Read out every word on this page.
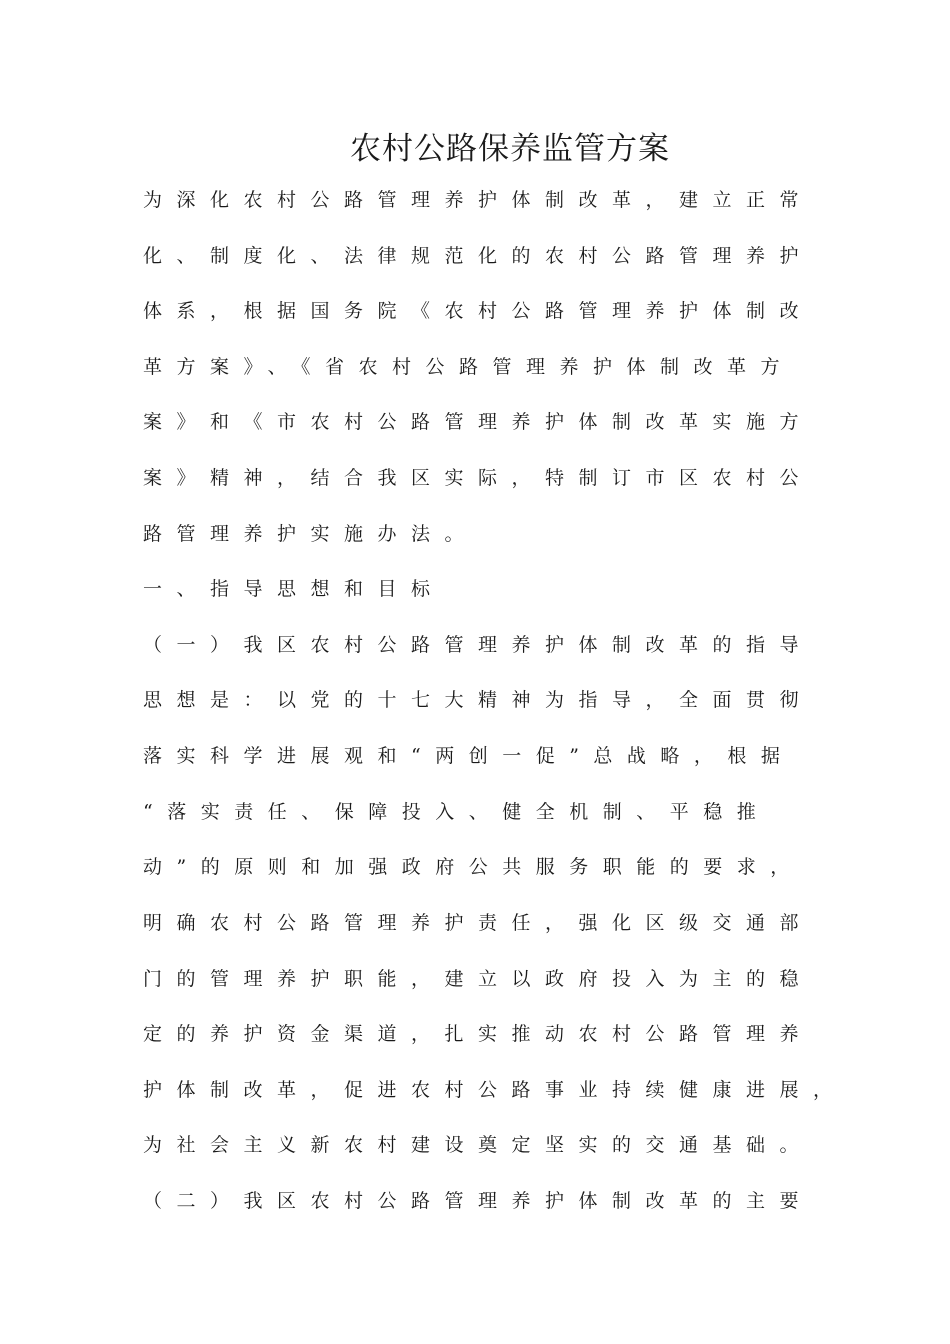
农村公路保养监管方案

为深化农村公路管理养护体制改革，建立正常

化、制度化、法律规范化的农村公路管理养护

体系，根据国务院《农村公路管理养护体制改

革方案》、《省农村公路管理养护体制改革方

案》和《市农村公路管理养护体制改革实施方

案》精神，结合我区实际，特制订市区农村公

路管理养护实施办法。

一、指导思想和目标

（一）我区农村公路管理养护体制改革的指导

思想是：以党的十七大精神为指导，全面贯彻

落实科学进展观和“两创一促”总战略，根据

“落实责任、保障投入、健全机制、平稳推

动”的原则和加强政府公共服务职能的要求，

明确农村公路管理养护责任，强化区级交通部

门的管理养护职能，建立以政府投入为主的稳

定的养护资金渠道，扎实推动农村公路管理养

护体制改革，促进农村公路事业持续健康进展，

为社会主义新农村建设奠定坚实的交通基础。

（二）我区农村公路管理养护体制改革的主要
